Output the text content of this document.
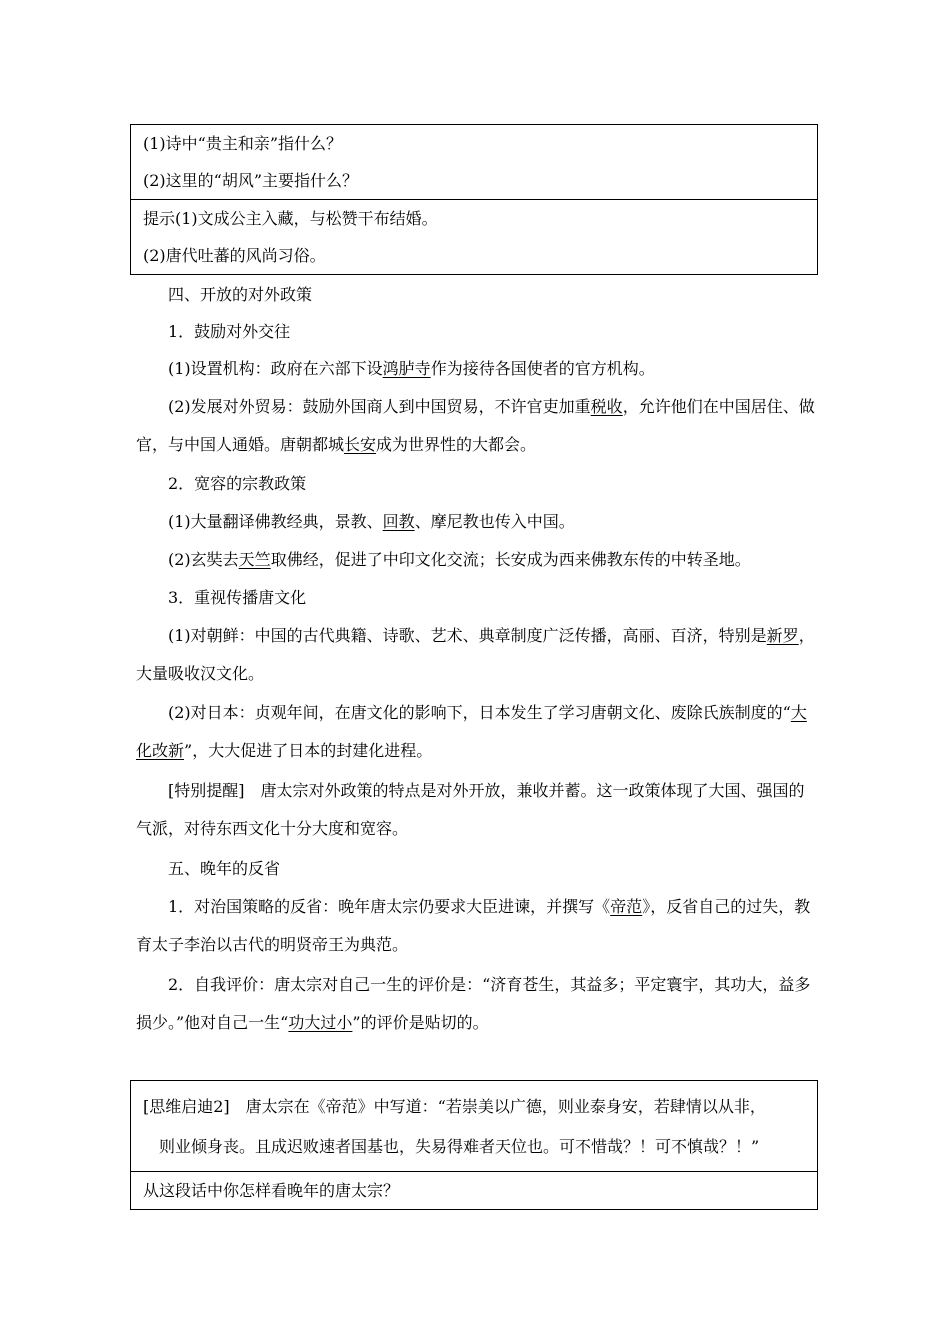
(1)诗中“贵主和亲”指什么？

(2)这里的“胡风”主要指什么？

提示(1)文成公主入藏，与松赞干布结婚。

(2)唐代吐蕃的风尚习俗。

四、开放的对外政策

1．鼓励对外交往

(1)设置机构：政府在六部下设鸿胪寺作为接待各国使者的官方机构。

(2)发展对外贸易：鼓励外国商人到中国贸易，不许官吏加重税收，允许他们在中国居住、做官，与中国人通婚。唐朝都城长安成为世界性的大都会。

2．宽容的宗教政策

(1)大量翻译佛教经典，景教、回教、摩尼教也传入中国。

(2)玄奘去天竺取佛经，促进了中印文化交流；长安成为西来佛教东传的中转圣地。

3．重视传播唐文化

(1)对朝鲜：中国的古代典籍、诗歌、艺术、典章制度广泛传播，高丽、百济，特别是新罗，大量吸收汉文化。

(2)对日本：贞观年间，在唐文化的影响下，日本发生了学习唐朝文化、废除氏族制度的“大化改新”，大大促进了日本的封建化进程。

[特别提醒]　唐太宗对外政策的特点是对外开放，兼收并蓄。这一政策体现了大国、强国的气派，对待东西文化十分大度和宽容。

五、晚年的反省

1．对治国策略的反省：晚年唐太宗仍要求大臣进谏，并撰写《帝范》，反省自己的过失，教育太子李治以古代的明贤帝王为典范。

2．自我评价：唐太宗对自己一生的评价是：“济育苍生，其益多；平定寰宇，其功大，益多损少。”他对自己一生“功大过小”的评价是贴切的。

[思维启迪2]　唐太宗在《帝范》中写道：“若崇美以广德，则业泰身安，若肆情以从非，
则业倾身丧。且成迟败速者国基也，失易得难者天位也。可不惜哉？！可不慎哉？！”

从这段话中你怎样看晚年的唐太宗？
